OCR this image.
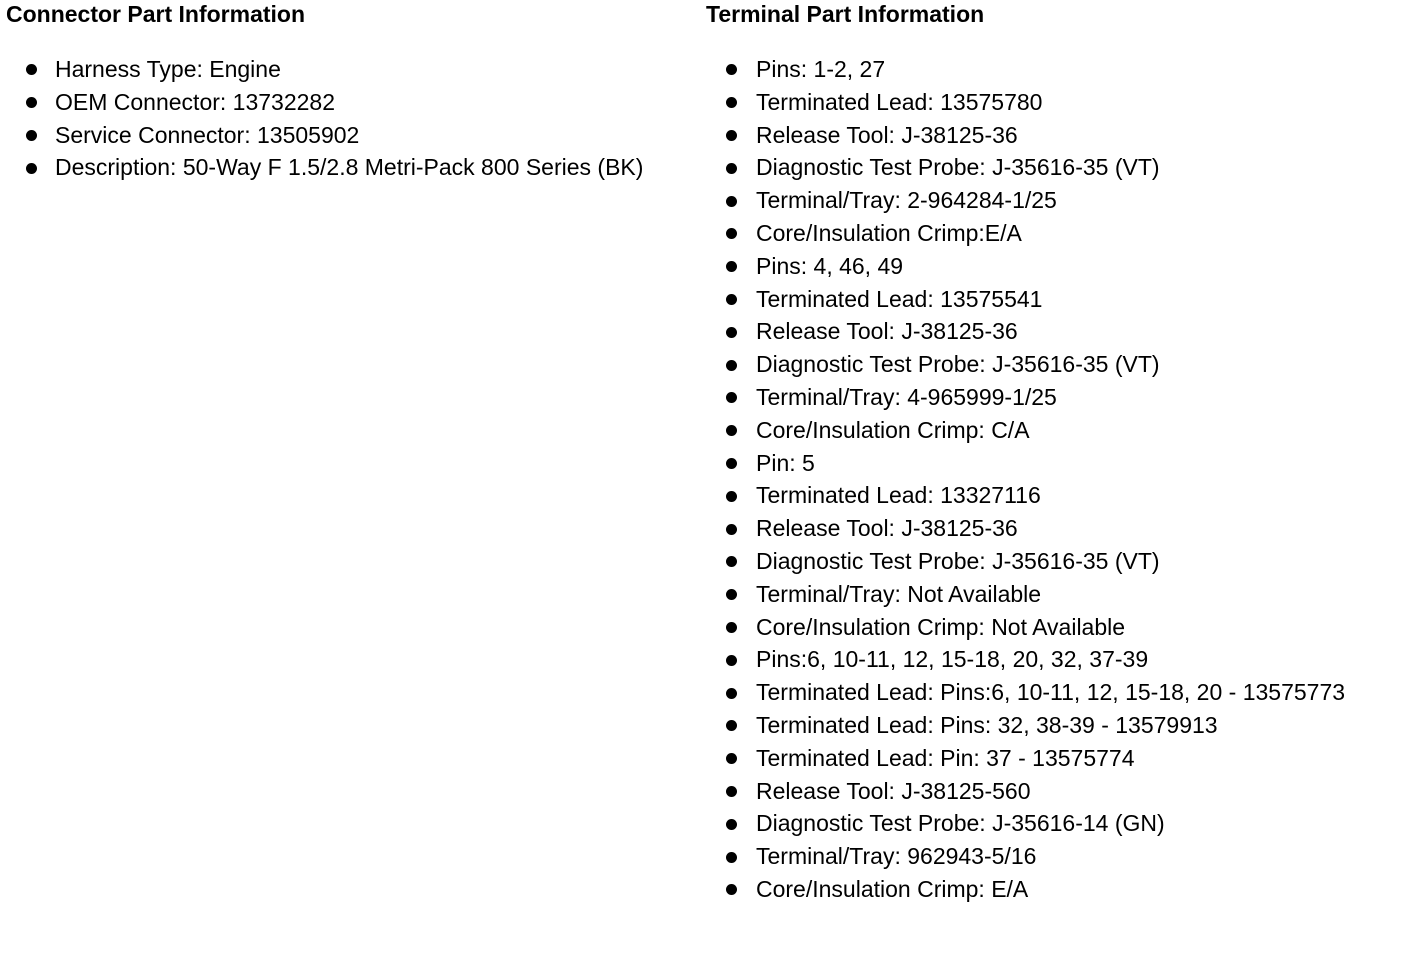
Connector Part Information
Harness Type: Engine
OEM Connector: 13732282
Service Connector: 13505902
Description: 50-Way F 1.5/2.8 Metri-Pack 800 Series (BK)
Terminal Part Information
Pins: 1-2, 27
Terminated Lead: 13575780
Release Tool: J-38125-36
Diagnostic Test Probe: J-35616-35 (VT)
Terminal/Tray: 2-964284-1/25
Core/Insulation Crimp:E/A
Pins: 4, 46, 49
Terminated Lead: 13575541
Release Tool: J-38125-36
Diagnostic Test Probe: J-35616-35 (VT)
Terminal/Tray: 4-965999-1/25
Core/Insulation Crimp: C/A
Pin: 5
Terminated Lead: 13327116
Release Tool: J-38125-36
Diagnostic Test Probe: J-35616-35 (VT)
Terminal/Tray: Not Available
Core/Insulation Crimp: Not Available
Pins:6, 10-11, 12, 15-18, 20, 32, 37-39
Terminated Lead: Pins:6, 10-11, 12, 15-18, 20 - 13575773
Terminated Lead: Pins: 32, 38-39 - 13579913
Terminated Lead: Pin: 37 - 13575774
Release Tool: J-38125-560
Diagnostic Test Probe: J-35616-14 (GN)
Terminal/Tray: 962943-5/16
Core/Insulation Crimp: E/A
